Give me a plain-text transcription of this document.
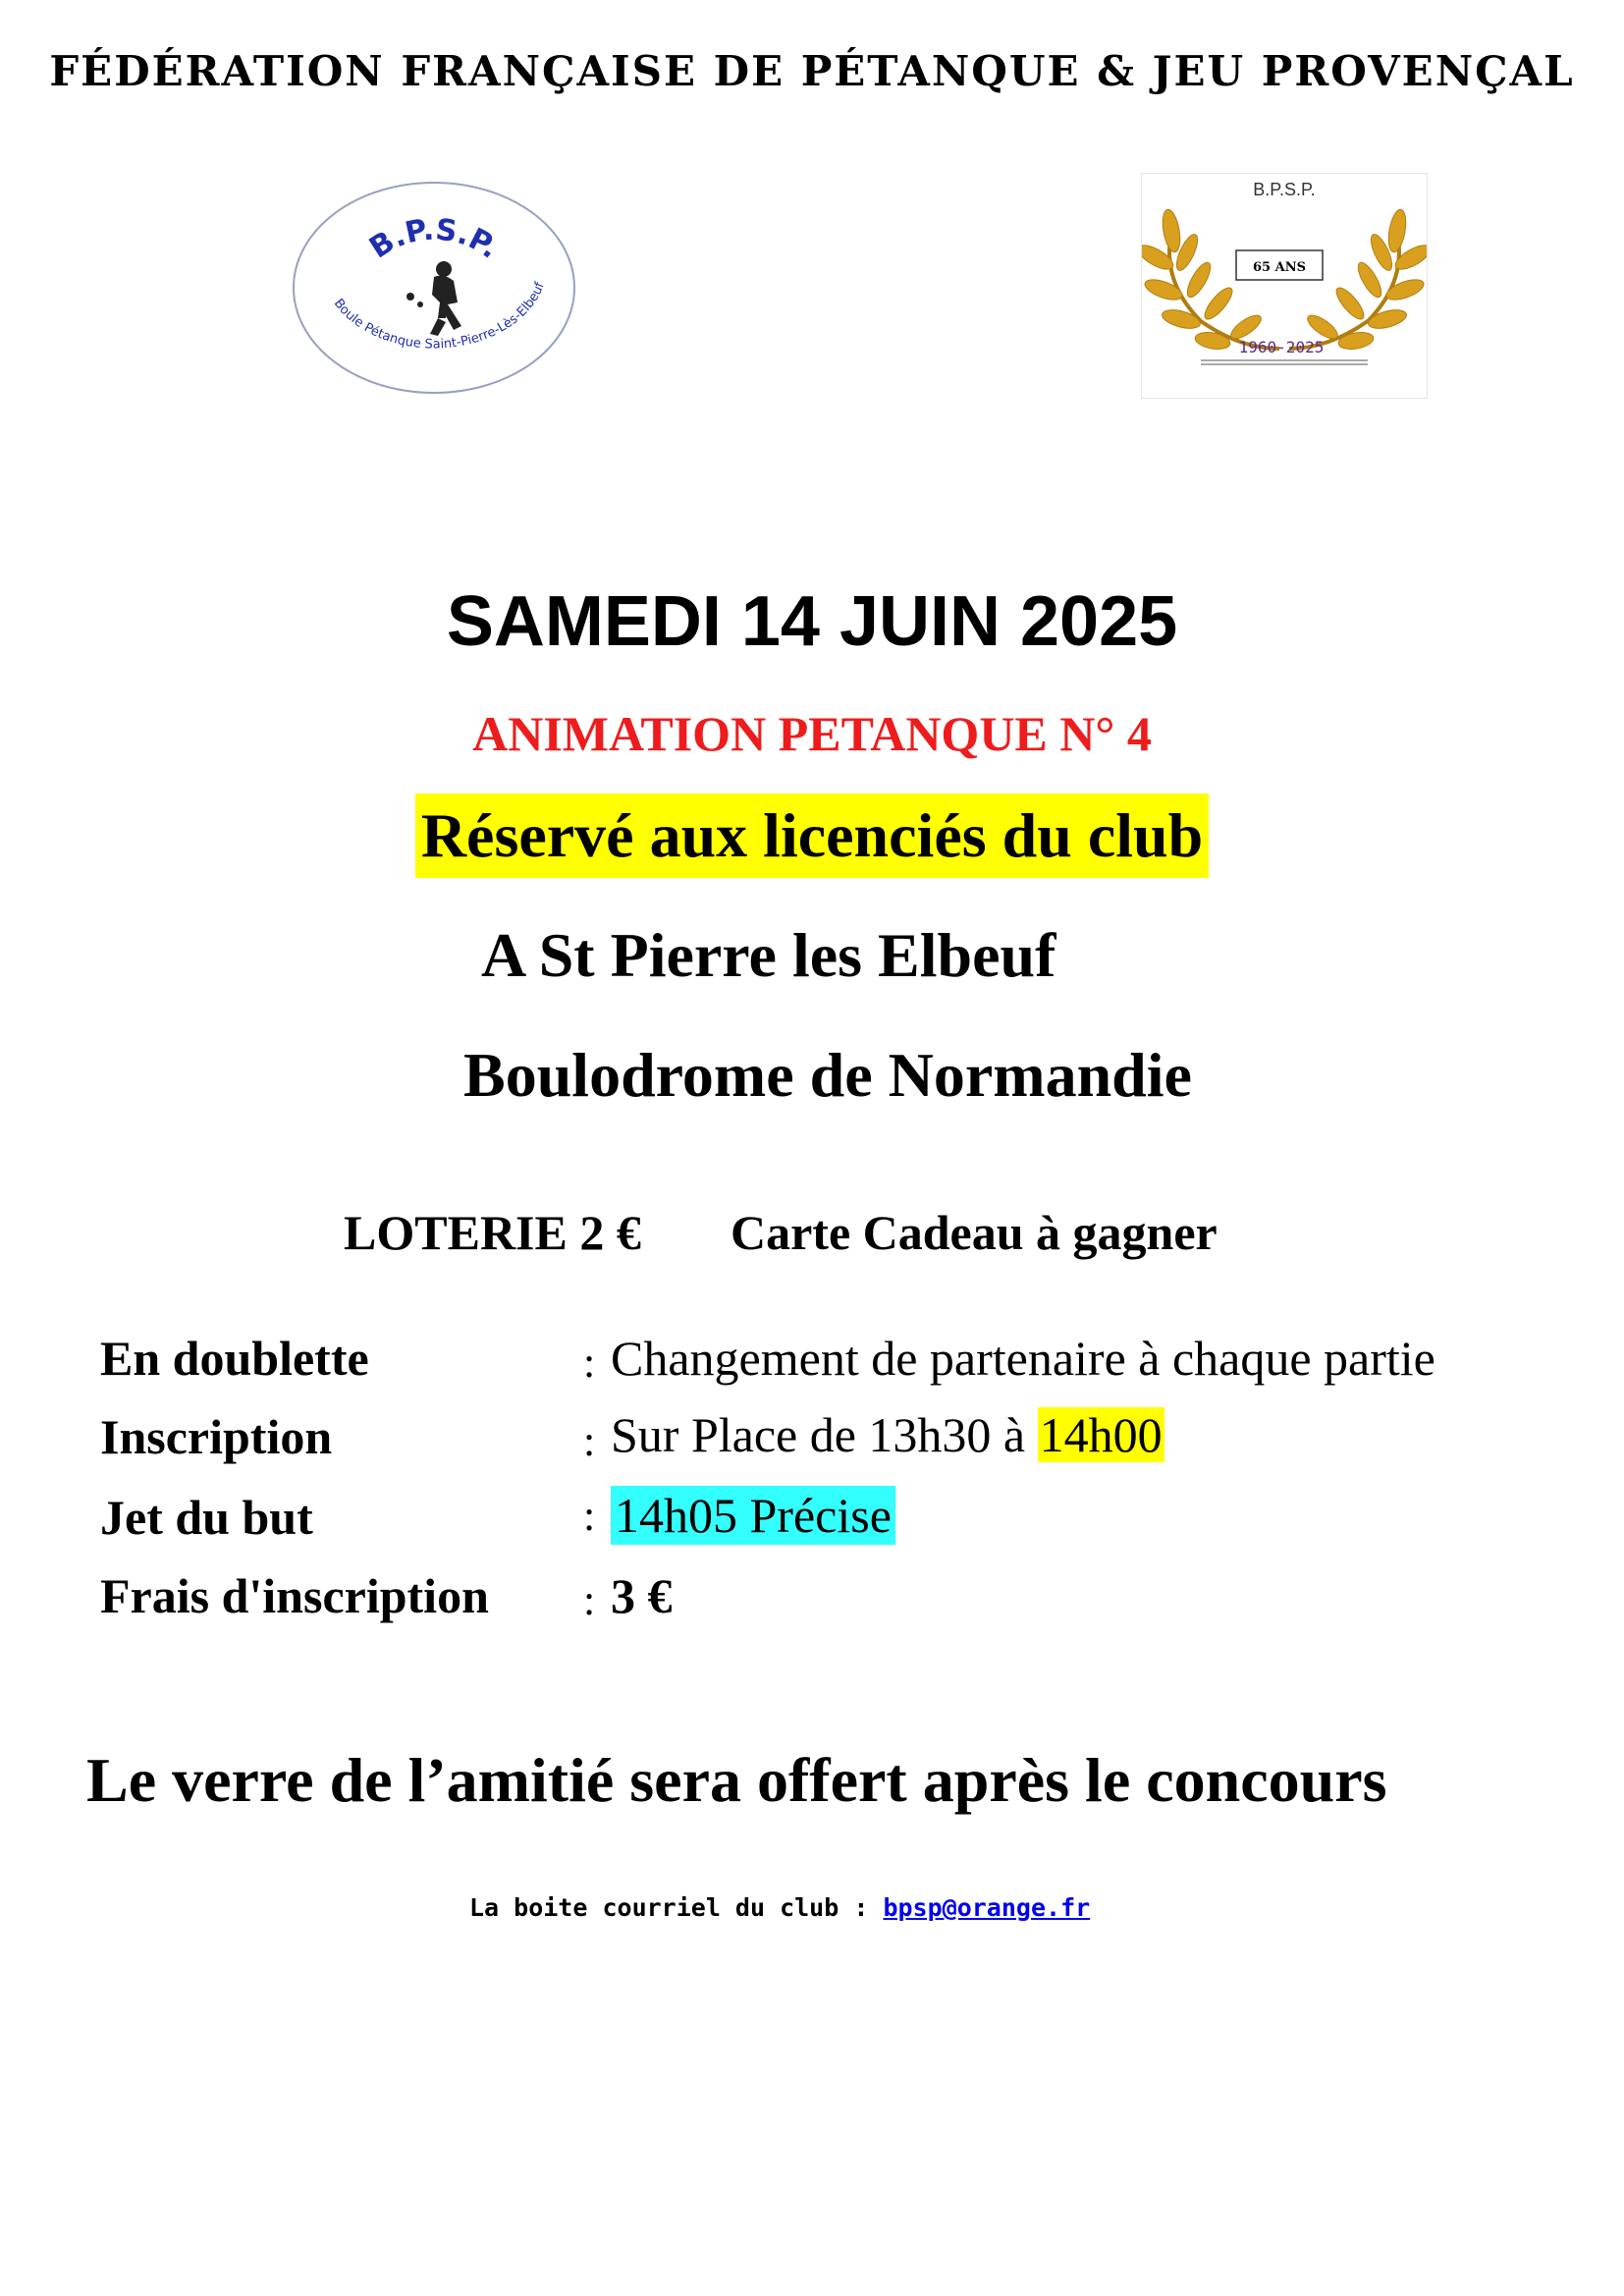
FÉDÉRATION FRANÇAISE DE PÉTANQUE & JEU PROVENÇAL
B.P.S.P.
Boule Pétanque Saint-Pierre-Lès-Elbeuf
B.P.S.P.
65 ANS
1960-2025
SAMEDI 14 JUIN 2025
ANIMATION PETANQUE N° 4
Réservé aux licenciés du club
A St Pierre les Elbeuf
Boulodrome de Normandie
LOTERIE 2 € Carte Cadeau à gagner
En doublette	: Changement de partenaire à chaque partie
Inscription	: Sur Place de 13h30 à 14h00
Jet du but	: 14h05 Précise
Frais d'inscription : 3 €
Le verre de l’amitié sera offert après le concours
La boite courriel du club : bpsp@orange.fr
